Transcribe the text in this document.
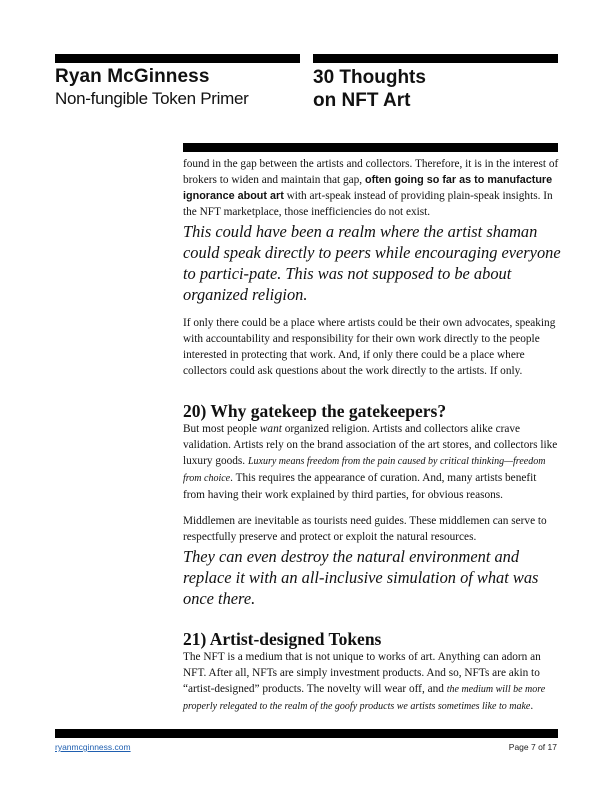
Ryan McGinness
Non-fungible Token Primer
30 Thoughts
on NFT Art

found in the gap between the artists and collectors. Therefore, it is in the interest of brokers to widen and maintain that gap, often going so far as to manufacture ignorance about art with art-speak instead of providing plain-speak insights. In the NFT marketplace, those inefficiencies do not exist.

This could have been a realm where the artist shaman could speak directly to peers while encouraging everyone to partici-pate. This was not supposed to be about organized religion.

If only there could be a place where artists could be their own advocates, speaking with accountability and responsibility for their own work directly to the people interested in protecting that work. And, if only there could be a place where collectors could ask questions about the work directly to the artists. If only.

20) Why gatekeep the gatekeepers?

But most people want organized religion. Artists and collectors alike crave validation. Artists rely on the brand association of the art stores, and collectors like luxury goods. Luxury means freedom from the pain caused by critical thinking—freedom from choice. This requires the appearance of curation. And, many artists benefit from having their work explained by third parties, for obvious reasons.

Middlemen are inevitable as tourists need guides. These middlemen can serve to respectfully preserve and protect or exploit the natural resources.

They can even destroy the natural environment and replace it with an all-inclusive simulation of what was once there.

21) Artist-designed Tokens

The NFT is a medium that is not unique to works of art. Anything can adorn an NFT. After all, NFTs are simply investment products. And so, NFTs are akin to “artist-designed” products. The novelty will wear off, and the medium will be more properly relegated to the realm of the goofy products we artists sometimes like to make.

ryanmcginness.com	Page 7 of 17
